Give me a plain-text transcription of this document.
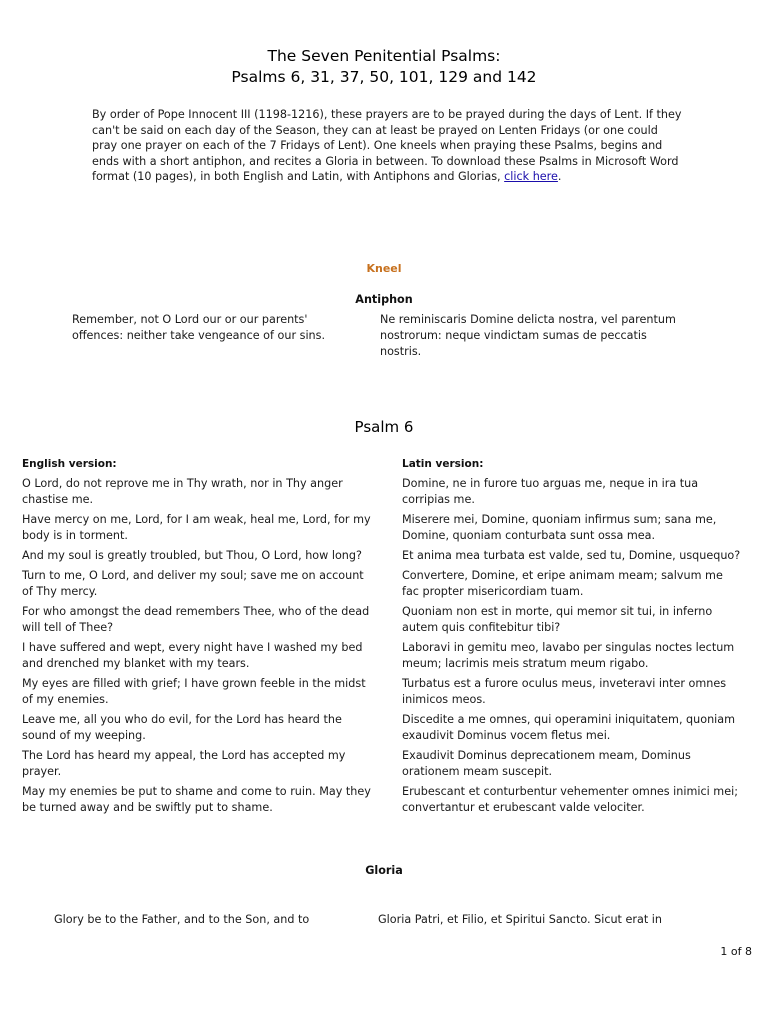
The Seven Penitential Psalms:
Psalms 6, 31, 37, 50, 101, 129 and 142
By order of Pope Innocent III (1198-1216), these prayers are to be prayed during the days of Lent. If they can't be said on each day of the Season, they can at least be prayed on Lenten Fridays (or one could pray one prayer on each of the 7 Fridays of Lent). One kneels when praying these Psalms, begins and ends with a short antiphon, and recites a Gloria in between. To download these Psalms in Microsoft Word format (10 pages), in both English and Latin, with Antiphons and Glorias, click here.
Kneel
Antiphon
Remember, not O Lord our or our parents' offences: neither take vengeance of our sins.
Ne reminiscaris Domine delicta nostra, vel parentum nostrorum: neque vindictam sumas de peccatis nostris.
Psalm 6
English version:
O Lord, do not reprove me in Thy wrath, nor in Thy anger chastise me.
Have mercy on me, Lord, for I am weak, heal me, Lord, for my body is in torment.
And my soul is greatly troubled, but Thou, O Lord, how long?
Turn to me, O Lord, and deliver my soul; save me on account of Thy mercy.
For who amongst the dead remembers Thee, who of the dead will tell of Thee?
I have suffered and wept, every night have I washed my bed and drenched my blanket with my tears.
My eyes are filled with grief; I have grown feeble in the midst of my enemies.
Leave me, all you who do evil, for the Lord has heard the sound of my weeping.
The Lord has heard my appeal, the Lord has accepted my prayer.
May my enemies be put to shame and come to ruin. May they be turned away and be swiftly put to shame.
Latin version:
Domine, ne in furore tuo arguas me, neque in ira tua corripias me.
Miserere mei, Domine, quoniam infirmus sum; sana me, Domine, quoniam conturbata sunt ossa mea.
Et anima mea turbata est valde, sed tu, Domine, usquequo?
Convertere, Domine, et eripe animam meam; salvum me fac propter misericordiam tuam.
Quoniam non est in morte, qui memor sit tui, in inferno autem quis confitebitur tibi?
Laboravi in gemitu meo, lavabo per singulas noctes lectum meum; lacrimis meis stratum meum rigabo.
Turbatus est a furore oculus meus, inveteravi inter omnes inimicos meos.
Discedite a me omnes, qui operamini iniquitatem, quoniam exaudivit Dominus vocem fletus mei.
Exaudivit Dominus deprecationem meam, Dominus orationem meam suscepit.
Erubescant et conturbentur vehementer omnes inimici mei; convertantur et erubescant valde velociter.
Gloria
Glory be to the Father, and to the Son, and to	Gloria Patri, et Filio, et Spiritui Sancto. Sicut erat in
1 of 8
